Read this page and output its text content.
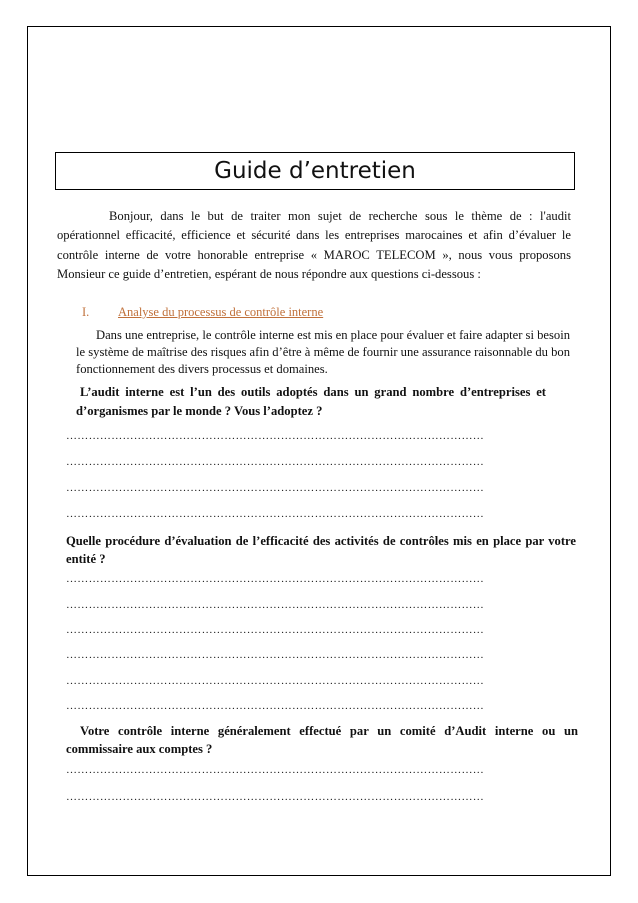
Guide d’entretien
Bonjour, dans le but de traiter mon sujet de recherche sous le thème de : l'audit opérationnel efficacité, efficience et sécurité dans les entreprises marocaines et afin d’évaluer le contrôle interne de votre honorable entreprise « MAROC TELECOM », nous vous proposons Monsieur ce guide d’entretien, espérant de nous répondre aux questions ci-dessous :
I. Analyse du processus de contrôle interne
Dans une entreprise, le contrôle interne est mis en place pour évaluer et faire adapter si besoin le système de maîtrise des risques afin d’être à même de fournir une assurance raisonnable du bon fonctionnement des divers processus et domaines.
L’audit interne est l’un des outils adoptés dans un grand nombre d’entreprises et d’organismes par le monde ? Vous l’adoptez ?
…………………………………………………………………………………………………
…………………………………………………………………………………………………
…………………………………………………………………………………………………
…………………………………………………………………………………………………
Quelle procédure d’évaluation de l’efficacité des activités de contrôles mis en place par votre entité ?
…………………………………………………………………………………………………
…………………………………………………………………………………………………
…………………………………………………………………………………………………
…………………………………………………………………………………………………
…………………………………………………………………………………………………
…………………………………………………………………………………………………
Votre contrôle interne généralement effectué par un comité d’Audit interne ou un commissaire aux comptes ?
…………………………………………………………………………………………………
…………………………………………………………………………………………………
